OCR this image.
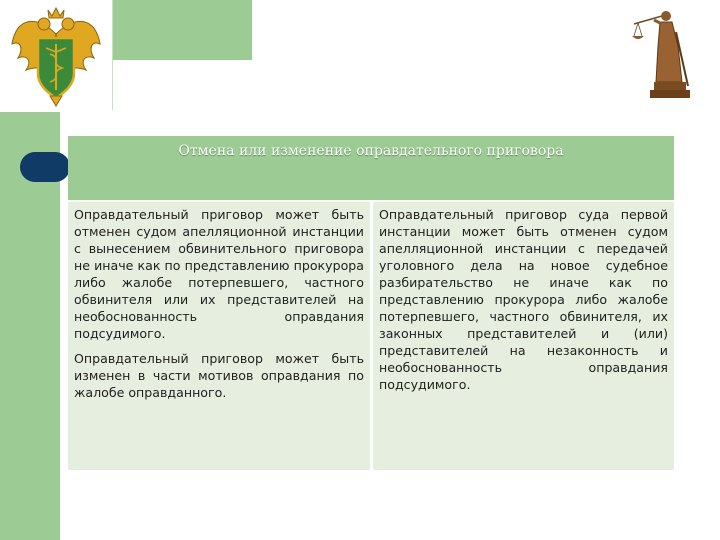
Отмена или изменение оправдательного приговора

Оправдательный приговор может быть отменен судом апелляционной инстанции с вынесением обвинительного приговора не иначе как по представлению прокурора либо жалобе потерпевшего, частного обвинителя или их представителей на необоснованность оправдания подсудимого.

Оправдательный приговор может быть изменен в части мотивов оправдания по жалобе оправданного.

Оправдательный приговор суда первой инстанции может быть отменен судом апелляционной инстанции с передачей уголовного дела на новое судебное разбирательство не иначе как по представлению прокурора либо жалобе потерпевшего, частного обвинителя, их законных представителей и (или) представителей на незаконность и необоснованность оправдания подсудимого.
